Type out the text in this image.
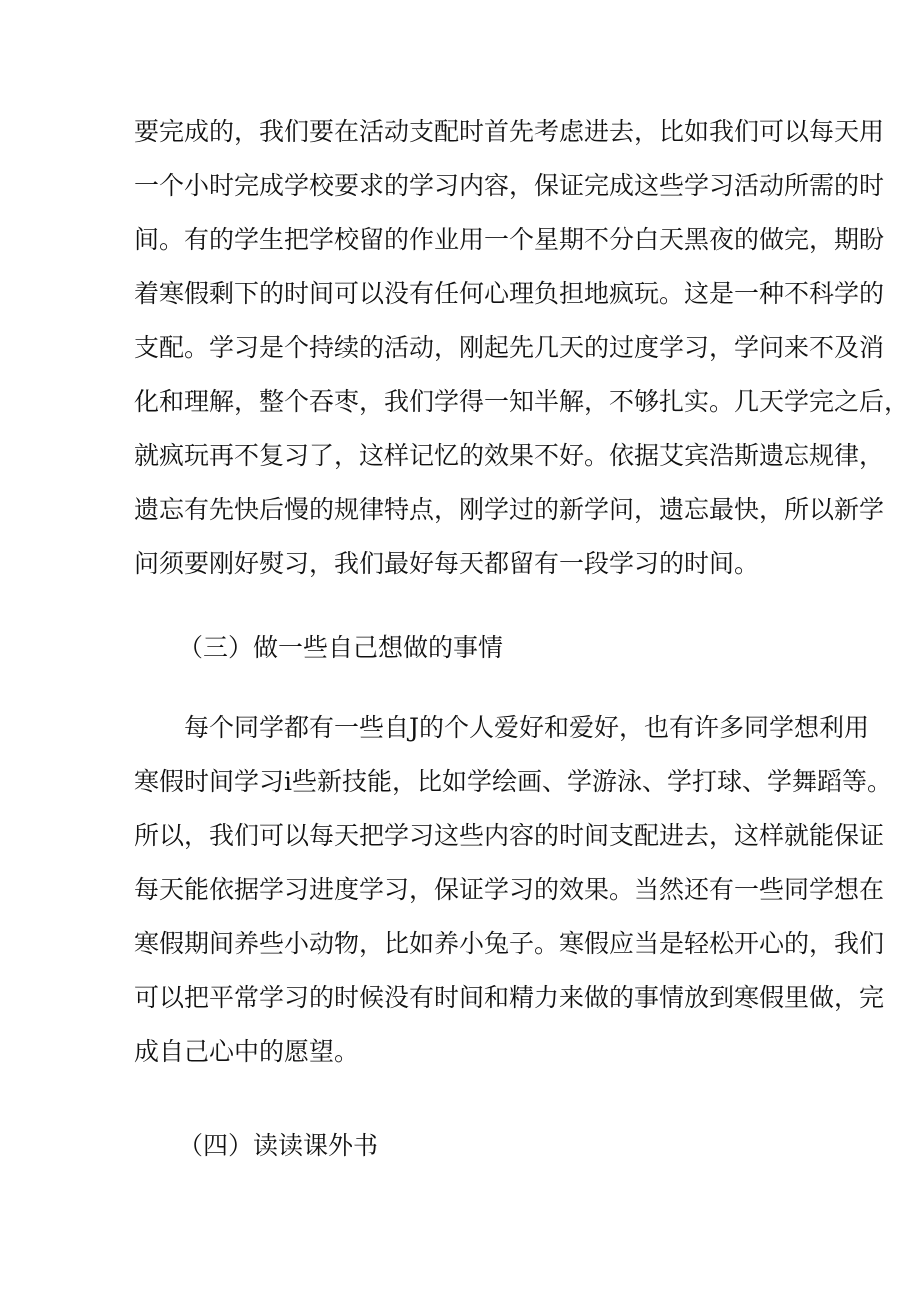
要完成的，我们要在活动支配时首先考虑进去，比如我们可以每天用

一个小时完成学校要求的学习内容，保证完成这些学习活动所需的时

间。有的学生把学校留的作业用一个星期不分白天黑夜的做完，期盼

着寒假剩下的时间可以没有任何心理负担地疯玩。这是一种不科学的

支配。学习是个持续的活动，刚起先几天的过度学习，学问来不及消

化和理解，整个吞枣，我们学得一知半解，不够扎实。几天学完之后，

就疯玩再不复习了，这样记忆的效果不好。依据艾宾浩斯遗忘规律，

遗忘有先快后慢的规律特点，刚学过的新学问，遗忘最快，所以新学

问须要刚好熨习，我们最好每天都留有一段学习的时间。

（三）做一些自己想做的事情

每个同学都有一些自J的个人爱好和爱好，也有许多同学想利用

寒假时间学习i些新技能，比如学绘画、学游泳、学打球、学舞蹈等。

所以，我们可以每天把学习这些内容的时间支配进去，这样就能保证

每天能依据学习进度学习，保证学习的效果。当然还有一些同学想在

寒假期间养些小动物，比如养小兔子。寒假应当是轻松开心的，我们

可以把平常学习的时候没有时间和精力来做的事情放到寒假里做，完

成自己心中的愿望。

（四）读读课外书
